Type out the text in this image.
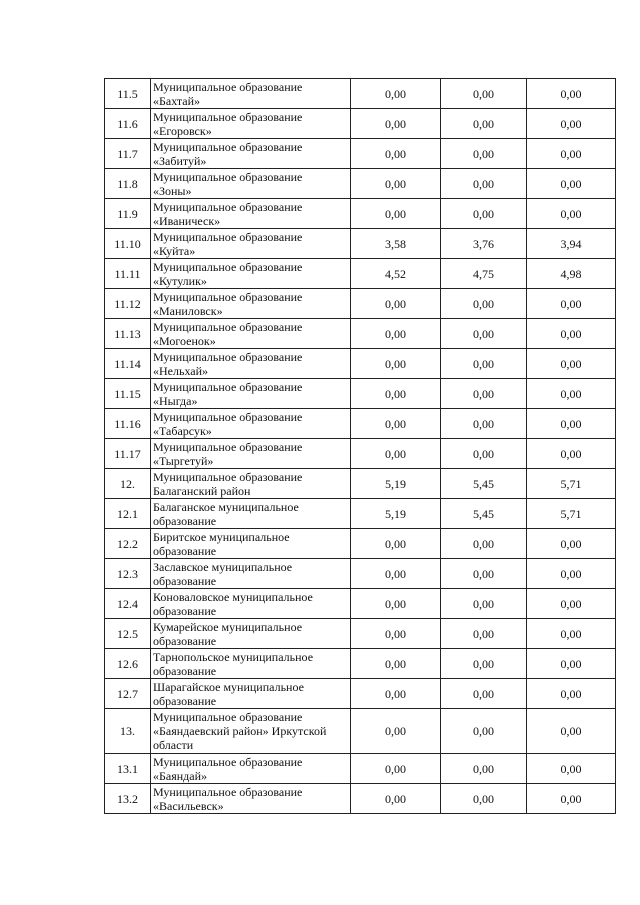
11.5	Муниципальное образование
«Бахтай»	0,00	0,00	0,00
11.6	Муниципальное образование
«Егоровск»	0,00	0,00	0,00
11.7	Муниципальное образование
«Забитуй»	0,00	0,00	0,00
11.8	Муниципальное образование
«Зоны»	0,00	0,00	0,00
11.9	Муниципальное образование
«Иваническ»	0,00	0,00	0,00
11.10	Муниципальное образование
«Куйта»	3,58	3,76	3,94
11.11	Муниципальное образование
«Кутулик»	4,52	4,75	4,98
11.12	Муниципальное образование
«Маниловск»	0,00	0,00	0,00
11.13	Муниципальное образование
«Могоенок»	0,00	0,00	0,00
11.14	Муниципальное образование
«Нельхай»	0,00	0,00	0,00
11.15	Муниципальное образование
«Ныгда»	0,00	0,00	0,00
11.16	Муниципальное образование
«Табарсук»	0,00	0,00	0,00
11.17	Муниципальное образование
«Тыргетуй»	0,00	0,00	0,00
12.	Муниципальное образование
Балаганский район	5,19	5,45	5,71
12.1	Балаганское муниципальное
образование	5,19	5,45	5,71
12.2	Биритское муниципальное
образование	0,00	0,00	0,00
12.3	Заславское муниципальное
образование	0,00	0,00	0,00
12.4	Коноваловское муниципальное
образование	0,00	0,00	0,00
12.5	Кумарейское муниципальное
образование	0,00	0,00	0,00
12.6	Тарнопольское муниципальное
образование	0,00	0,00	0,00
12.7	Шарагайское муниципальное
образование	0,00	0,00	0,00
13.	Муниципальное образование
«Баяндаевский район» Иркутской
области	0,00	0,00	0,00
13.1	Муниципальное образование
«Баяндай»	0,00	0,00	0,00
13.2	Муниципальное образование
«Васильевск»	0,00	0,00	0,00
